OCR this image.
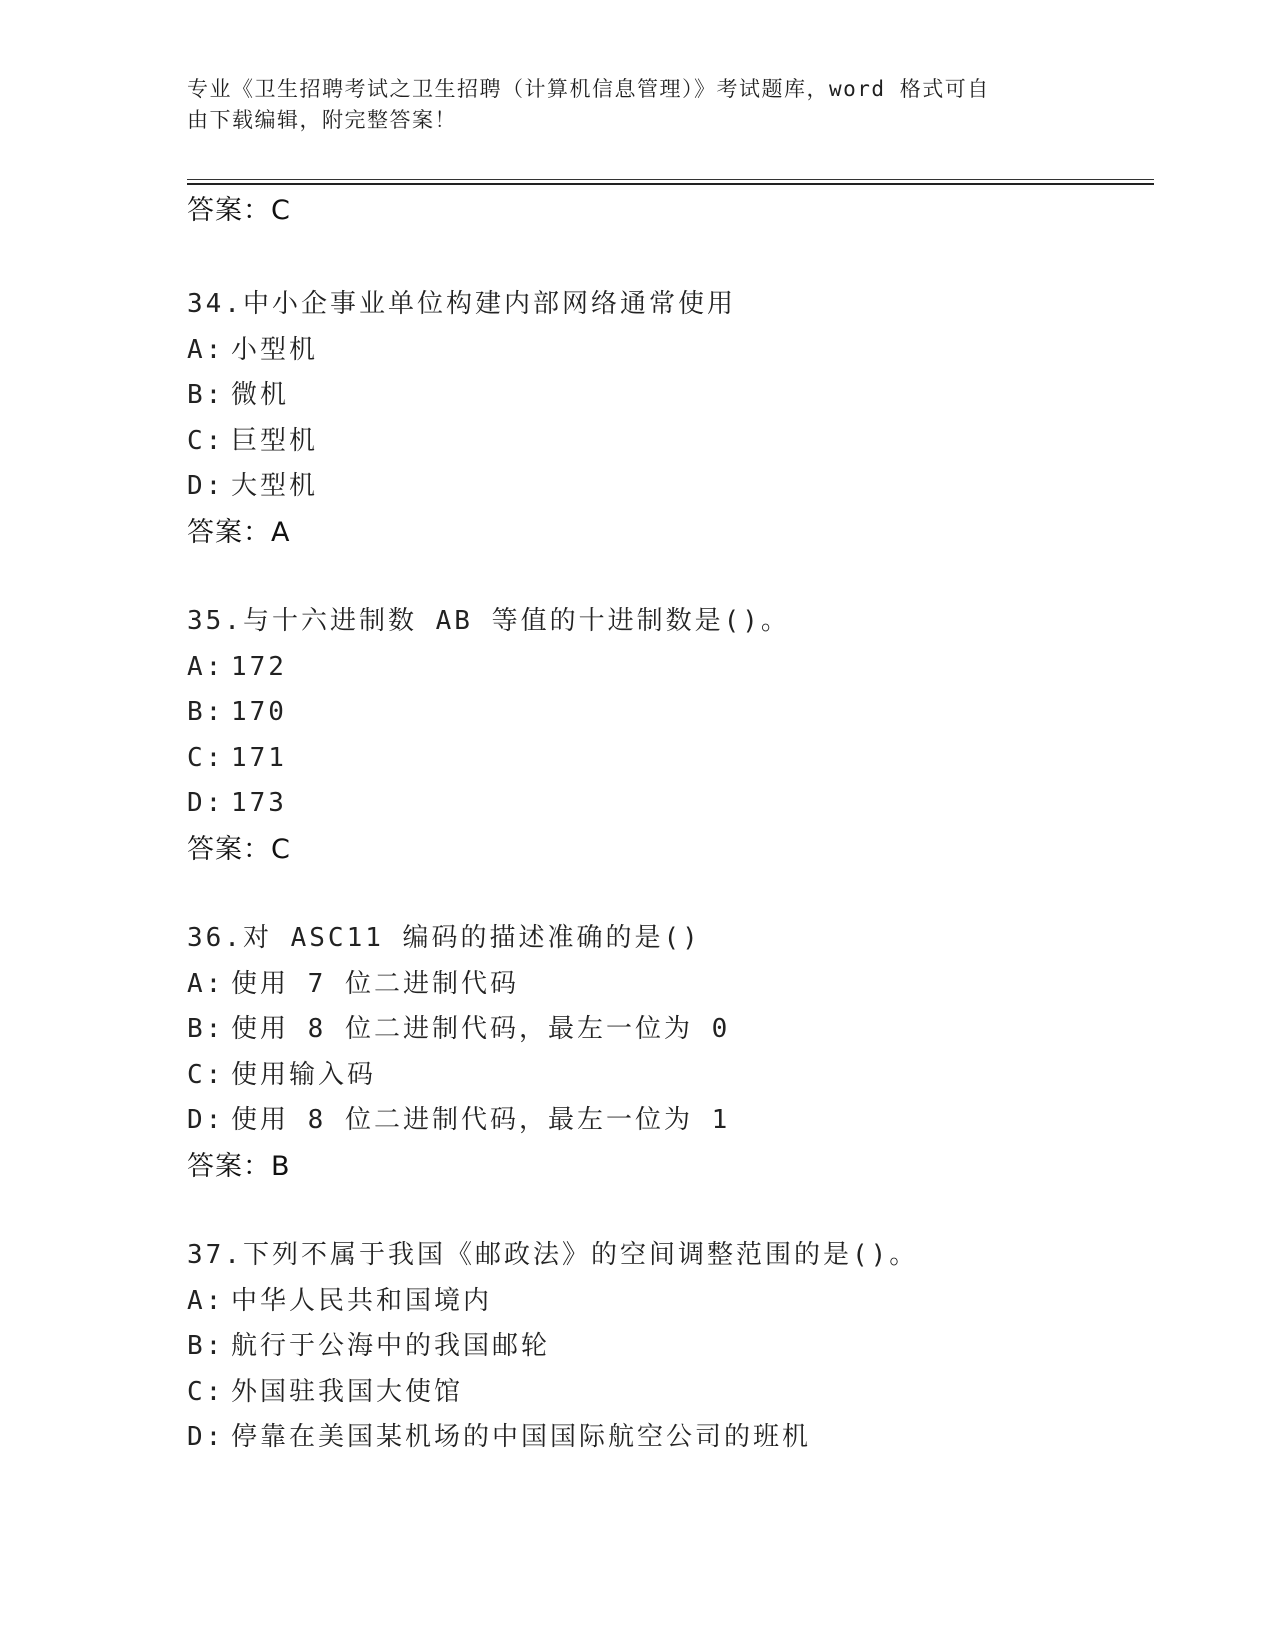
专业《卫生招聘考试之卫生招聘（计算机信息管理）》考试题库，word 格式可自
由下载编辑，附完整答案！
答案：C
34.中小企事业单位构建内部网络通常使用
A: 小型机
B: 微机
C: 巨型机
D: 大型机
答案：A
35.与十六进制数 AB 等值的十进制数是()。
A: 172
B: 170
C: 171
D: 173
答案：C
36.对 ASC11 编码的描述准确的是()
A: 使用 7 位二进制代码
B: 使用 8 位二进制代码，最左一位为 0
C: 使用输入码
D: 使用 8 位二进制代码，最左一位为 1
答案：B
37.下列不属于我国《邮政法》的空间调整范围的是()。
A: 中华人民共和国境内
B: 航行于公海中的我国邮轮
C: 外国驻我国大使馆
D: 停靠在美国某机场的中国国际航空公司的班机
